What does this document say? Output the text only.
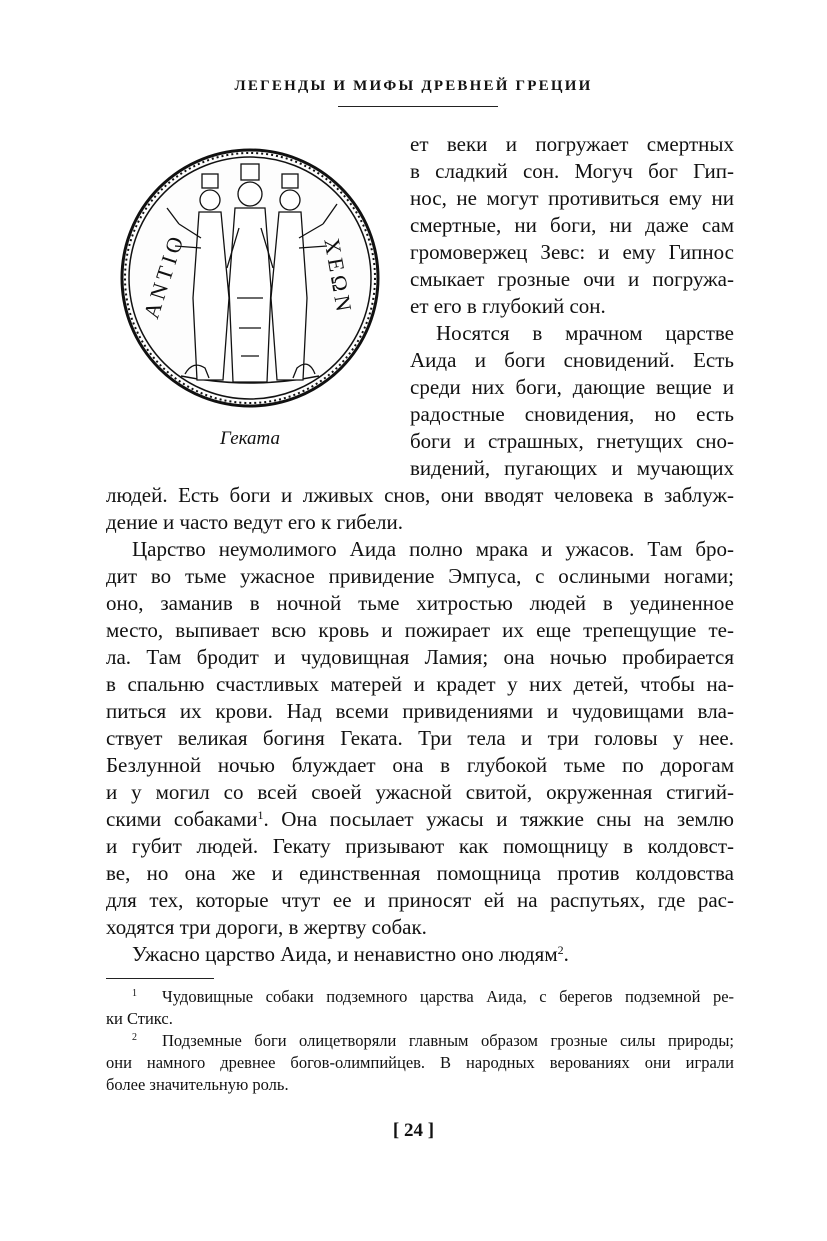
ЛЕГЕНДЫ И МИФЫ ДРЕВНЕЙ ГРЕЦИИ
ΑΝΤΙΟ	ΧΕΩΝ
Геката

ет веки и погружает смертных
в сладкий сон. Могуч бог Гип-
нос, не могут противиться ему ни
смертные, ни боги, ни даже сам
громовержец Зевс: и ему Гипнос
смыкает грозные очи и погружа-
ет его в глубокий сон.

Носятся в мрачном царстве
Аида и боги сновидений. Есть
среди них боги, дающие вещие и
радостные сновидения, но есть
боги и страшных, гнетущих сно-
видений, пугающих и мучающих

людей. Есть боги и лживых снов, они вводят человека в заблуж-
дение и часто ведут его к гибели.

Царство неумолимого Аида полно мрака и ужасов. Там бро-
дит во тьме ужасное привидение Эмпуса, с ослиными ногами;
оно, заманив в ночной тьме хитростью людей в уединенное
место, выпивает всю кровь и пожирает их еще трепещущие те-
ла. Там бродит и чудовищная Ламия; она ночью пробирается
в спальню счастливых матерей и крадет у них детей, чтобы на-
питься их крови. Над всеми привидениями и чудовищами вла-
ствует великая богиня Геката. Три тела и три головы у нее.
Безлунной ночью блуждает она в глубокой тьме по дорогам
и у могил со всей своей ужасной свитой, окруженная стигий-
скими собаками$^1$. Она посылает ужасы и тяжкие сны на землю
и губит людей. Гекату призывают как помощницу в колдовст-
ве, но она же и единственная помощница против колдовства
для тех, которые чтут ее и приносят ей на распутьях, где рас-
ходятся три дороги, в жертву собак.

Ужасно царство Аида, и ненавистно оно людям$^2$.

$^1$ Чудовищные собаки подземного царства Аида, с берегов подземной ре-
ки Стикс.

$^2$ Подземные боги олицетворяли главным образом грозные силы природы;
они намного древнее богов-олимпийцев. В народных верованиях они играли
более значительную роль.

[ 24 ]
